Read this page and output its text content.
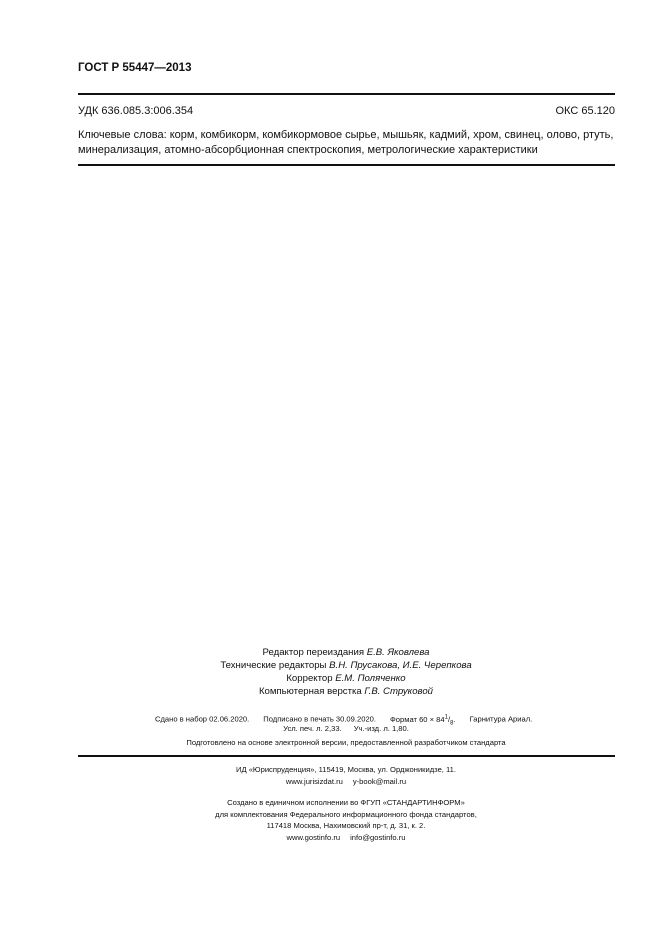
ГОСТ Р 55447—2013
УДК 636.085.3:006.354	ОКС 65.120
Ключевые слова: корм, комбикорм, комбикормовое сырье, мышьяк, кадмий, хром, свинец, олово, ртуть,
минерализация, атомно-абсорбционная спектроскопия, метрологические характеристики
Редактор переиздания Е.В. Яковлева
Технические редакторы В.Н. Прусакова, И.Е. Черепкова
Корректор Е.М. Поляченко
Компьютерная верстка Г.В. Струковой
Сдано в набор 02.06.2020. Подписано в печать 30.09.2020. Формат $60 \times 84^1/_8$. Гарнитура Ариал.
Усл. печ. л. 2,33. Уч.-изд. л. 1,80.
Подготовлено на основе электронной версии, предоставленной разработчиком стандарта
ИД «Юриспруденция», 115419, Москва, ул. Орджоникидзе, 11.
www.jurisizdat.ru y-book@mail.ru
Создано в единичном исполнении во ФГУП «СТАНДАРТИНФОРМ»
для комплектования Федерального информационного фонда стандартов,
117418 Москва, Нахимовский пр-т, д. 31, к. 2.
www.gostinfo.ru info@gostinfo.ru
